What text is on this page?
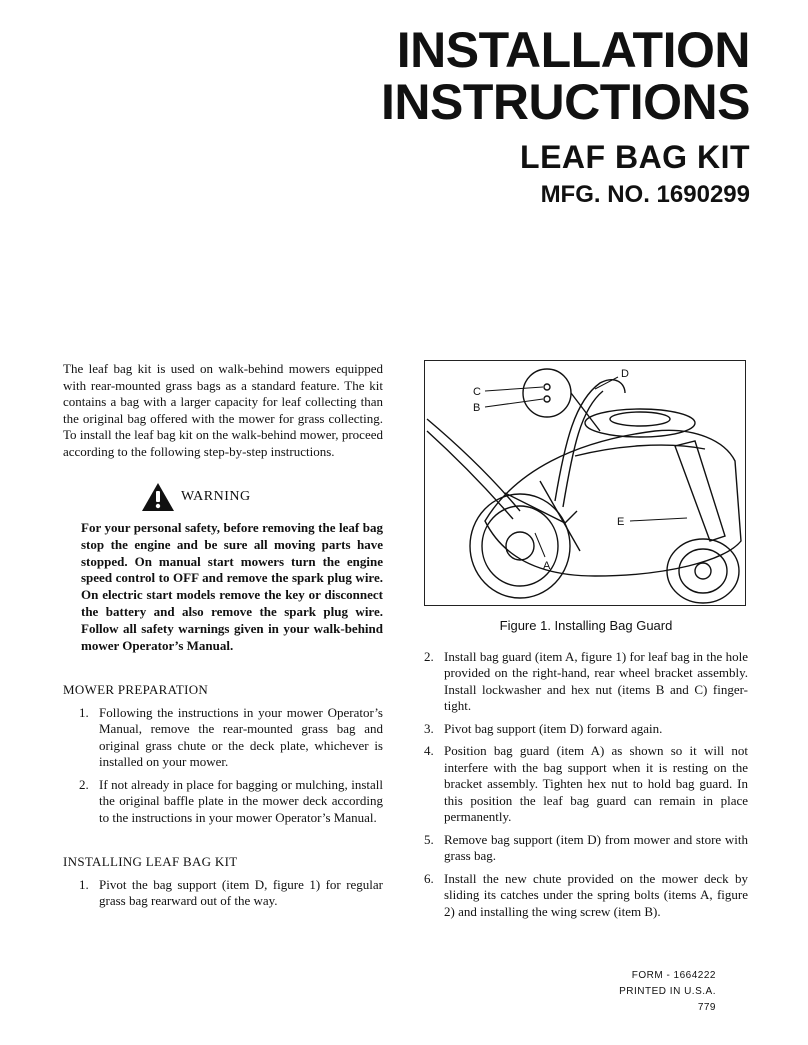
INSTALLATION
INSTRUCTIONS
LEAF BAG KIT
MFG. NO. 1690299

The leaf bag kit is used on walk-behind mowers equipped with rear-mounted grass bags as a standard feature. The kit contains a bag with a larger capacity for leaf collecting than the original bag offered with the mower for grass collecting. To install the leaf bag kit on the walk-behind mower, proceed according to the following step-by-step instructions.

WARNING

For your personal safety, before removing the leaf bag stop the engine and be sure all moving parts have stopped. On manual start mowers turn the engine speed control to OFF and remove the spark plug wire. On electric start models remove the key or disconnect the battery and also remove the spark plug wire. Follow all safety warnings given in your walk-behind mower Operator’s Manual.

MOWER PREPARATION
1. Following the instructions in your mower Operator’s Manual, remove the rear-mounted grass bag and original grass chute or the deck plate, whichever is installed on your mower.
2. If not already in place for bagging or mulching, install the original baffle plate in the mower deck according to the instructions in your mower Operator’s Manual.
INSTALLING LEAF BAG KIT
1. Pivot the bag support (item D, figure 1) for regular grass bag rearward out of the way.
C
B
D
E
A
Figure 1. Installing Bag Guard
2. Install bag guard (item A, figure 1) for leaf bag in the hole provided on the right-hand, rear wheel bracket assembly. Install lockwasher and hex nut (items B and C) finger-tight.
3. Pivot bag support (item D) forward again.
4. Position bag guard (item A) as shown so it will not interfere with the bag support when it is resting on the bracket assembly. Tighten hex nut to hold bag guard. In this position the leaf bag guard can remain in place permanently.
5. Remove bag support (item D) from mower and store with grass bag.
6. Install the new chute provided on the mower deck by sliding its catches under the spring bolts (items A, figure 2) and installing the wing screw (item B).
FORM - 1664222
PRINTED IN U.S.A.
779
